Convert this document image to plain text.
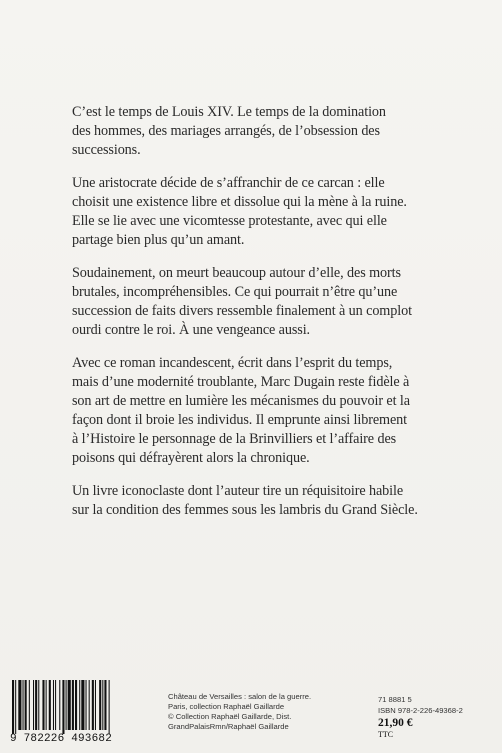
C’est le temps de Louis XIV. Le temps de la domination
des hommes, des mariages arrangés, de l’obsession des
successions.

Une aristocrate décide de s’affranchir de ce carcan : elle
choisit une existence libre et dissolue qui la mène à la ruine.
Elle se lie avec une vicomtesse protestante, avec qui elle
partage bien plus qu’un amant.

Soudainement, on meurt beaucoup autour d’elle, des morts
brutales, incompréhensibles. Ce qui pourrait n’être qu’une
succession de faits divers ressemble finalement à un complot
ourdi contre le roi. À une vengeance aussi.

Avec ce roman incandescent, écrit dans l’esprit du temps,
mais d’une modernité troublante, Marc Dugain reste fidèle à
son art de mettre en lumière les mécanismes du pouvoir et la
façon dont il broie les individus. Il emprunte ainsi librement
à l’Histoire le personnage de la Brinvilliers et l’affaire des
poisons qui défrayèrent alors la chronique.

Un livre iconoclaste dont l’auteur tire un réquisitoire habile
sur la condition des femmes sous les lambris du Grand Siècle.

9 782226 493682
Château de Versailles : salon de la guerre.
Paris, collection Raphaël Gaillarde
© Collection Raphaël Gaillarde, Dist.
GrandPalaisRmn/Raphaël Gaillarde
71 8881 5
ISBN 978-2-226-49368-2
21,90 €
TTC
